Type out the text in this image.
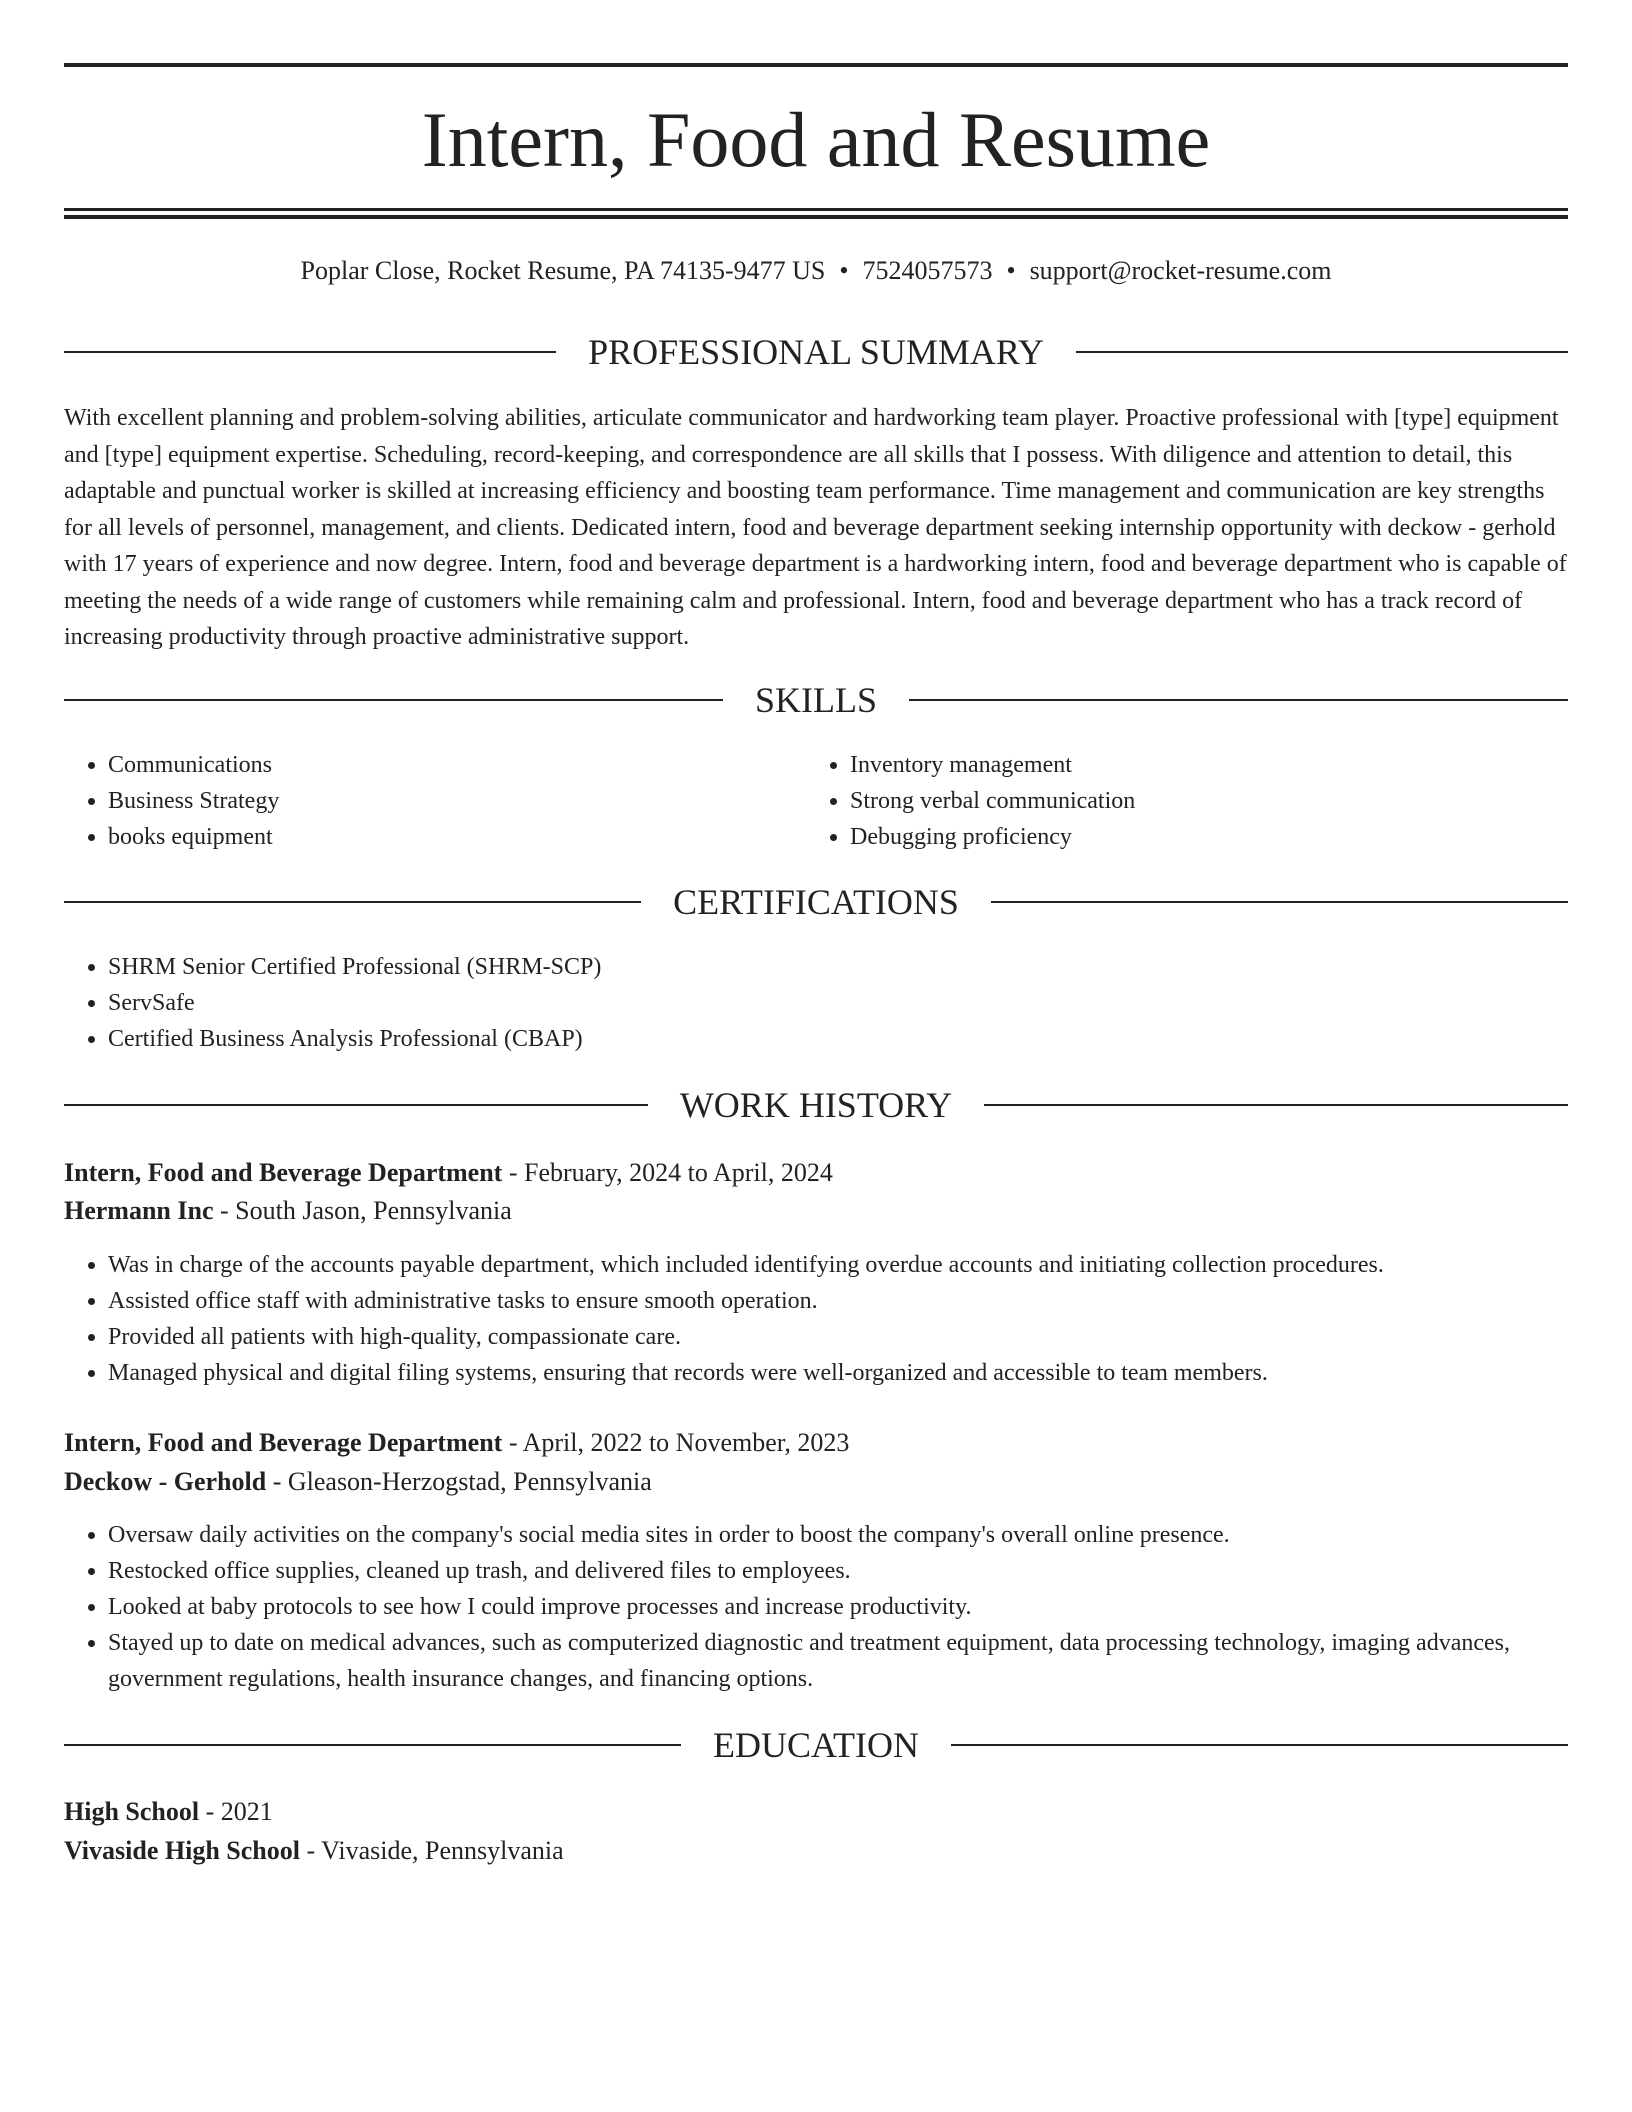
Intern, Food and Resume
Poplar Close, Rocket Resume, PA 74135-9477 US • 7524057573 • support@rocket-resume.com
PROFESSIONAL SUMMARY

With excellent planning and problem-solving abilities, articulate communicator and hardworking team player. Proactive professional with [type] equipment and [type] equipment expertise. Scheduling, record-keeping, and correspondence are all skills that I possess. With diligence and attention to detail, this adaptable and punctual worker is skilled at increasing efficiency and boosting team performance. Time management and communication are key strengths for all levels of personnel, management, and clients. Dedicated intern, food and beverage department seeking internship opportunity with deckow - gerhold with 17 years of experience and now degree. Intern, food and beverage department is a hardworking intern, food and beverage department who is capable of meeting the needs of a wide range of customers while remaining calm and professional. Intern, food and beverage department who has a track record of increasing productivity through proactive administrative support.

SKILLS
• Communications
• Business Strategy
• books equipment
• Inventory management
• Strong verbal communication
• Debugging proficiency
CERTIFICATIONS
• SHRM Senior Certified Professional (SHRM-SCP)
• ServSafe
• Certified Business Analysis Professional (CBAP)
WORK HISTORY
Intern, Food and Beverage Department - February, 2024 to April, 2024
Hermann Inc - South Jason, Pennsylvania
• Was in charge of the accounts payable department, which included identifying overdue accounts and initiating collection procedures.
• Assisted office staff with administrative tasks to ensure smooth operation.
• Provided all patients with high-quality, compassionate care.
• Managed physical and digital filing systems, ensuring that records were well-organized and accessible to team members.
Intern, Food and Beverage Department - April, 2022 to November, 2023
Deckow - Gerhold - Gleason-Herzogstad, Pennsylvania
• Oversaw daily activities on the company's social media sites in order to boost the company's overall online presence.
• Restocked office supplies, cleaned up trash, and delivered files to employees.
• Looked at baby protocols to see how I could improve processes and increase productivity.
• Stayed up to date on medical advances, such as computerized diagnostic and treatment equipment, data processing technology, imaging advances, government regulations, health insurance changes, and financing options.
EDUCATION
High School - 2021
Vivaside High School - Vivaside, Pennsylvania
